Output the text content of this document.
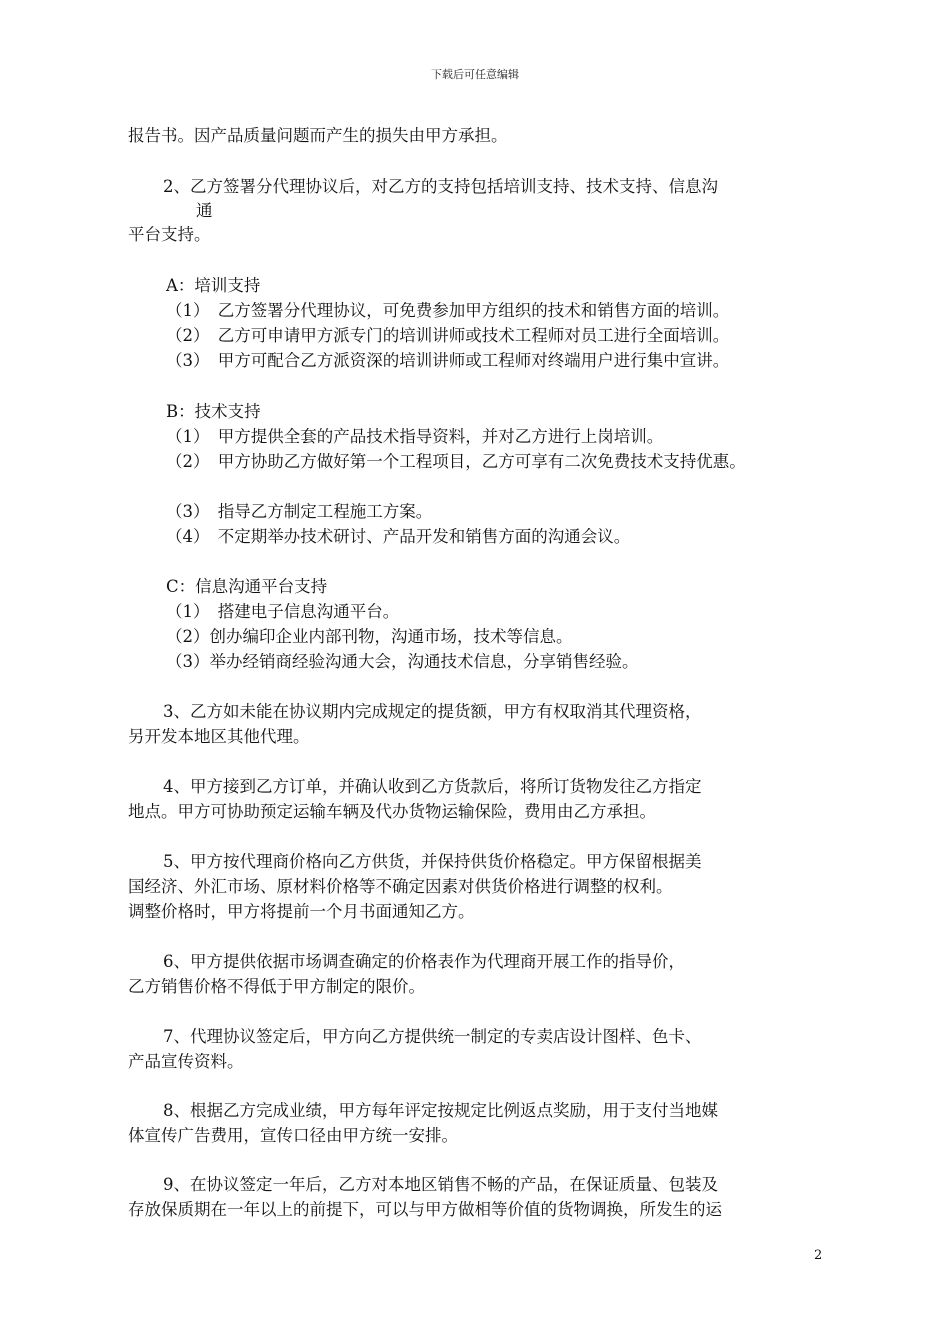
下载后可任意编辑
报告书。因产品质量问题而产生的损失由甲方承担。
2、乙方签署分代理协议后，对乙方的支持包括培训支持、技术支持、信息沟
通
平台支持。
A：培训支持
（1）　乙方签署分代理协议，可免费参加甲方组织的技术和销售方面的培训。
（2）　乙方可申请甲方派专门的培训讲师或技术工程师对员工进行全面培训。
（3）　甲方可配合乙方派资深的培训讲师或工程师对终端用户进行集中宣讲。
B：技术支持
（1）　甲方提供全套的产品技术指导资料，并对乙方进行上岗培训。
（2）　甲方协助乙方做好第一个工程项目，乙方可享有二次免费技术支持优惠。
（3）　指导乙方制定工程施工方案。
（4）　不定期举办技术研讨、产品开发和销售方面的沟通会议。
C：信息沟通平台支持
（1）　搭建电子信息沟通平台。
（2）创办编印企业内部刊物，沟通市场，技术等信息。
（3）举办经销商经验沟通大会，沟通技术信息，分享销售经验。
3、乙方如未能在协议期内完成规定的提货额，甲方有权取消其代理资格，
另开发本地区其他代理。
4、甲方接到乙方订单，并确认收到乙方货款后，将所订货物发往乙方指定
地点。甲方可协助预定运输车辆及代办货物运输保险，费用由乙方承担。
5、甲方按代理商价格向乙方供货，并保持供货价格稳定。甲方保留根据美
国经济、外汇市场、原材料价格等不确定因素对供货价格进行调整的权利。
调整价格时，甲方将提前一个月书面通知乙方。
6、甲方提供依据市场调查确定的价格表作为代理商开展工作的指导价，
乙方销售价格不得低于甲方制定的限价。
7、代理协议签定后，甲方向乙方提供统一制定的专卖店设计图样、色卡、
产品宣传资料。
8、根据乙方完成业绩，甲方每年评定按规定比例返点奖励，用于支付当地媒
体宣传广告费用，宣传口径由甲方统一安排。
9、在协议签定一年后，乙方对本地区销售不畅的产品，在保证质量、包装及
存放保质期在一年以上的前提下，可以与甲方做相等价值的货物调换，所发生的运
2
